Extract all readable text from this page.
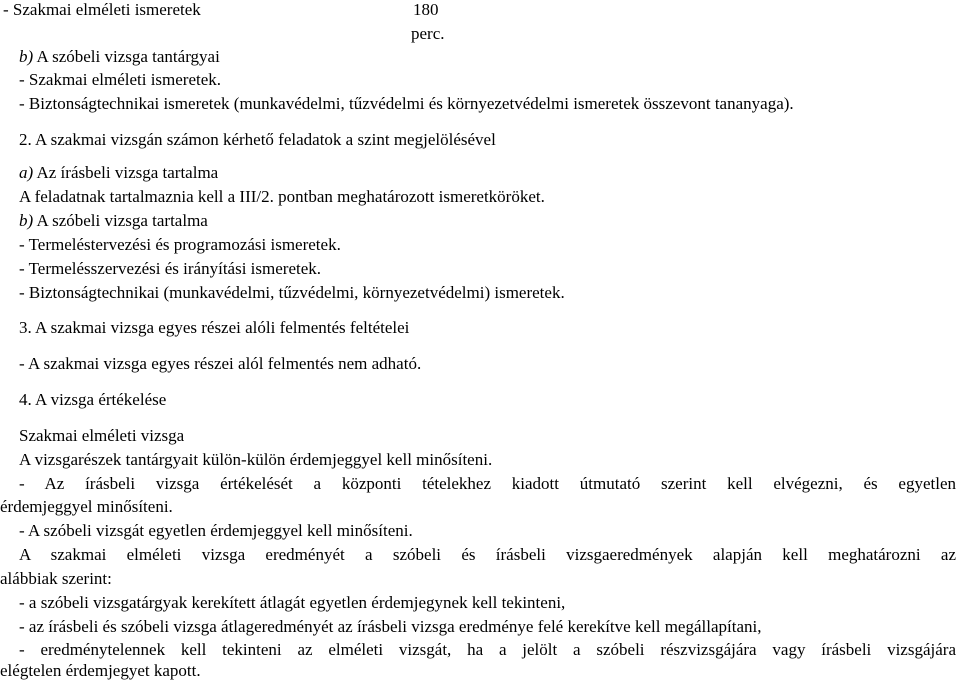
- Szakmai elméleti ismeretek	180
perc.
b) A szóbeli vizsga tantárgyai
- Szakmai elméleti ismeretek.
- Biztonságtechnikai ismeretek (munkavédelmi, tűzvédelmi és környezetvédelmi ismeretek összevont tananyaga).
2. A szakmai vizsgán számon kérhető feladatok a szint megjelölésével
a) Az írásbeli vizsga tartalma
A feladatnak tartalmaznia kell a III/2. pontban meghatározott ismeretköröket.
b) A szóbeli vizsga tartalma
- Termeléstervezési és programozási ismeretek.
- Termelésszervezési és irányítási ismeretek.
- Biztonságtechnikai (munkavédelmi, tűzvédelmi, környezetvédelmi) ismeretek.
3. A szakmai vizsga egyes részei alóli felmentés feltételei
- A szakmai vizsga egyes részei alól felmentés nem adható.
4. A vizsga értékelése
Szakmai elméleti vizsga
A vizsgarészek tantárgyait külön-külön érdemjeggyel kell minősíteni.
- Az írásbeli vizsga értékelését a központi tételekhez kiadott útmutató szerint kell elvégezni, és egyetlen
érdemjeggyel minősíteni.
- A szóbeli vizsgát egyetlen érdemjeggyel kell minősíteni.
A szakmai elméleti vizsga eredményét a szóbeli és írásbeli vizsgaeredmények alapján kell meghatározni az
alábbiak szerint:
- a szóbeli vizsgatárgyak kerekített átlagát egyetlen érdemjegynek kell tekinteni,
- az írásbeli és szóbeli vizsga átlageredményét az írásbeli vizsga eredménye felé kerekítve kell megállapítani,
- eredménytelennek kell tekinteni az elméleti vizsgát, ha a jelölt a szóbeli részvizsgájára vagy írásbeli vizsgájára
elégtelen érdemjegyet kapott.
